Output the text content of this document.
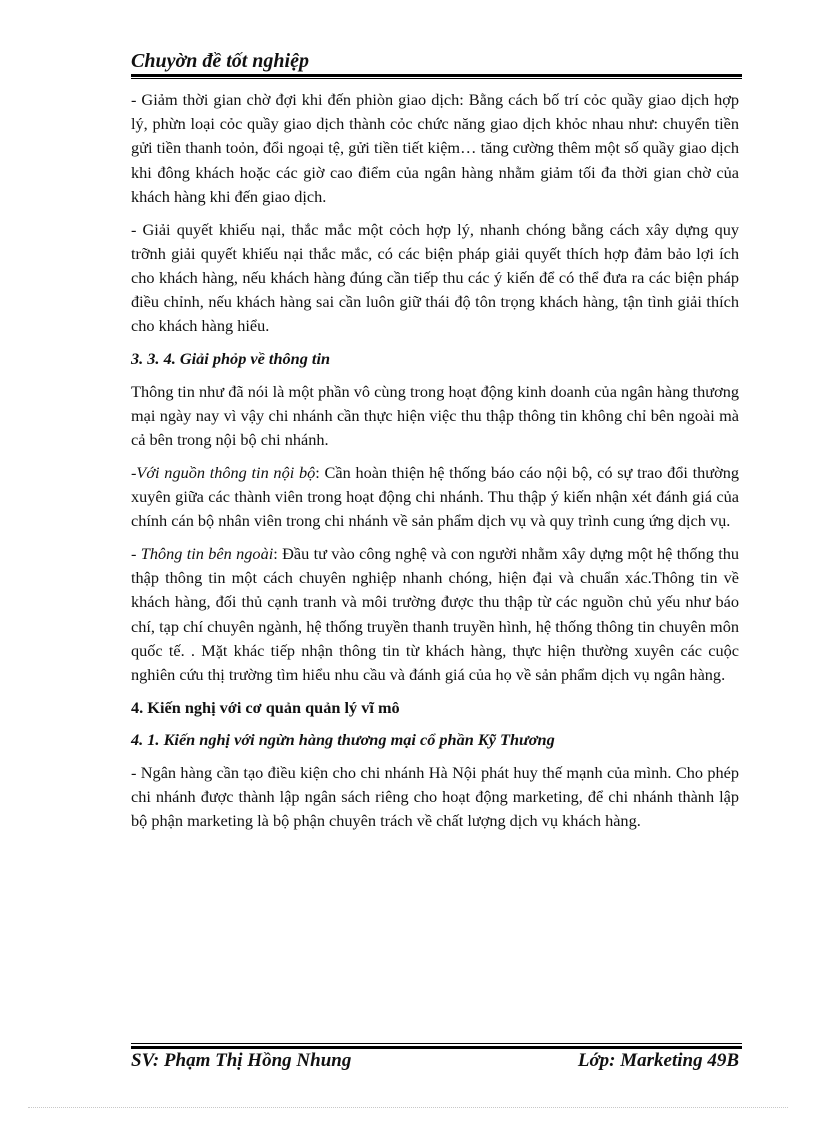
Chuyờn đề tốt nghiệp

- Giảm thời gian chờ đợi khi đến phiòn giao dịch: Bằng cách bố trí cỏc quầy giao dịch hợp lý, phừn loại cỏc quầy giao dịch thành cỏc chức năng giao dịch khỏc nhau như: chuyển tiền gửi tiền thanh toỏn, đổi ngoại tệ, gửi tiền tiết kiệm… tăng cường thêm một số quầy giao dịch khi đông khách hoặc các giờ cao điểm của ngân hàng nhằm giảm tối đa thời gian chờ của khách hàng khi đến giao dịch.

- Giải quyết khiếu nại, thắc mắc một cỏch hợp lý, nhanh chóng bằng cách xây dựng quy trỡnh giải quyết khiếu nại thắc mắc, có các biện pháp giải quyết thích hợp đảm bảo lợi ích cho khách hàng, nếu khách hàng đúng cần tiếp thu các ý kiến để có thể đưa ra các biện pháp điều chỉnh, nếu khách hàng sai cần luôn giữ thái độ tôn trọng khách hàng, tận tình giải thích cho khách hàng hiểu.

3. 3. 4. Giải phỏp về thông tin

Thông tin như đã nói là một phần vô cùng trong hoạt động kinh doanh của ngân hàng thương mại ngày nay vì vậy chi nhánh cần thực hiện việc thu thập thông tin không chỉ bên ngoài mà cả bên trong nội bộ chi nhánh.

-Với nguồn thông tin nội bộ: Cần hoàn thiện hệ thống báo cáo nội bộ, có sự trao đổi thường xuyên giữa các thành viên trong hoạt động chi nhánh. Thu thập ý kiến nhận xét đánh giá của chính cán bộ nhân viên trong chi nhánh về sản phẩm dịch vụ và quy trình cung ứng dịch vụ.

- Thông tin bên ngoài: Đầu tư vào công nghệ và con người nhằm xây dựng một hệ thống thu thập thông tin một cách chuyên nghiệp nhanh chóng, hiện đại và chuẩn xác.Thông tin về khách hàng, đối thủ cạnh tranh và môi trường được thu thập từ các nguồn chủ yếu như báo chí, tạp chí chuyên ngành, hệ thống truyền thanh truyền hình, hệ thống thông tin chuyên môn quốc tế. . Mặt khác tiếp nhận thông tin từ khách hàng, thực hiện thường xuyên các cuộc nghiên cứu thị trường tìm hiểu nhu cầu và đánh giá của họ về sản phẩm dịch vụ ngân hàng.

4. Kiến nghị với cơ quản quản lý vĩ mô

4. 1. Kiến nghị với ngừn hàng thương mại cổ phần Kỹ Thương

- Ngân hàng cần tạo điều kiện cho chi nhánh Hà Nội phát huy thế mạnh của mình. Cho phép chi nhánh được thành lập ngân sách riêng cho hoạt động marketing, để chi nhánh thành lập bộ phận marketing là bộ phận chuyên trách về chất lượng dịch vụ khách hàng.

SV: Phạm Thị Hồng Nhung	Lớp: Marketing 49B
